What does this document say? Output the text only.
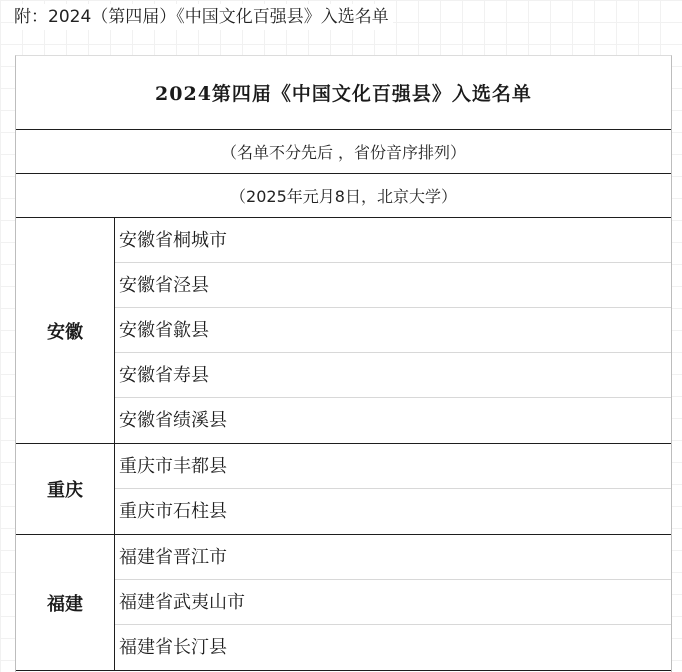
附：2024（第四届）《中国文化百强县》入选名单
2024第四届《中国文化百强县》入选名单
（名单不分先后 ，省份音序排列）
（2025年元月8日，北京大学）
安徽
安徽省桐城市
安徽省泾县
安徽省歙县
安徽省寿县
安徽省绩溪县
重庆
重庆市丰都县
重庆市石柱县
福建
福建省晋江市
福建省武夷山市
福建省长汀县
